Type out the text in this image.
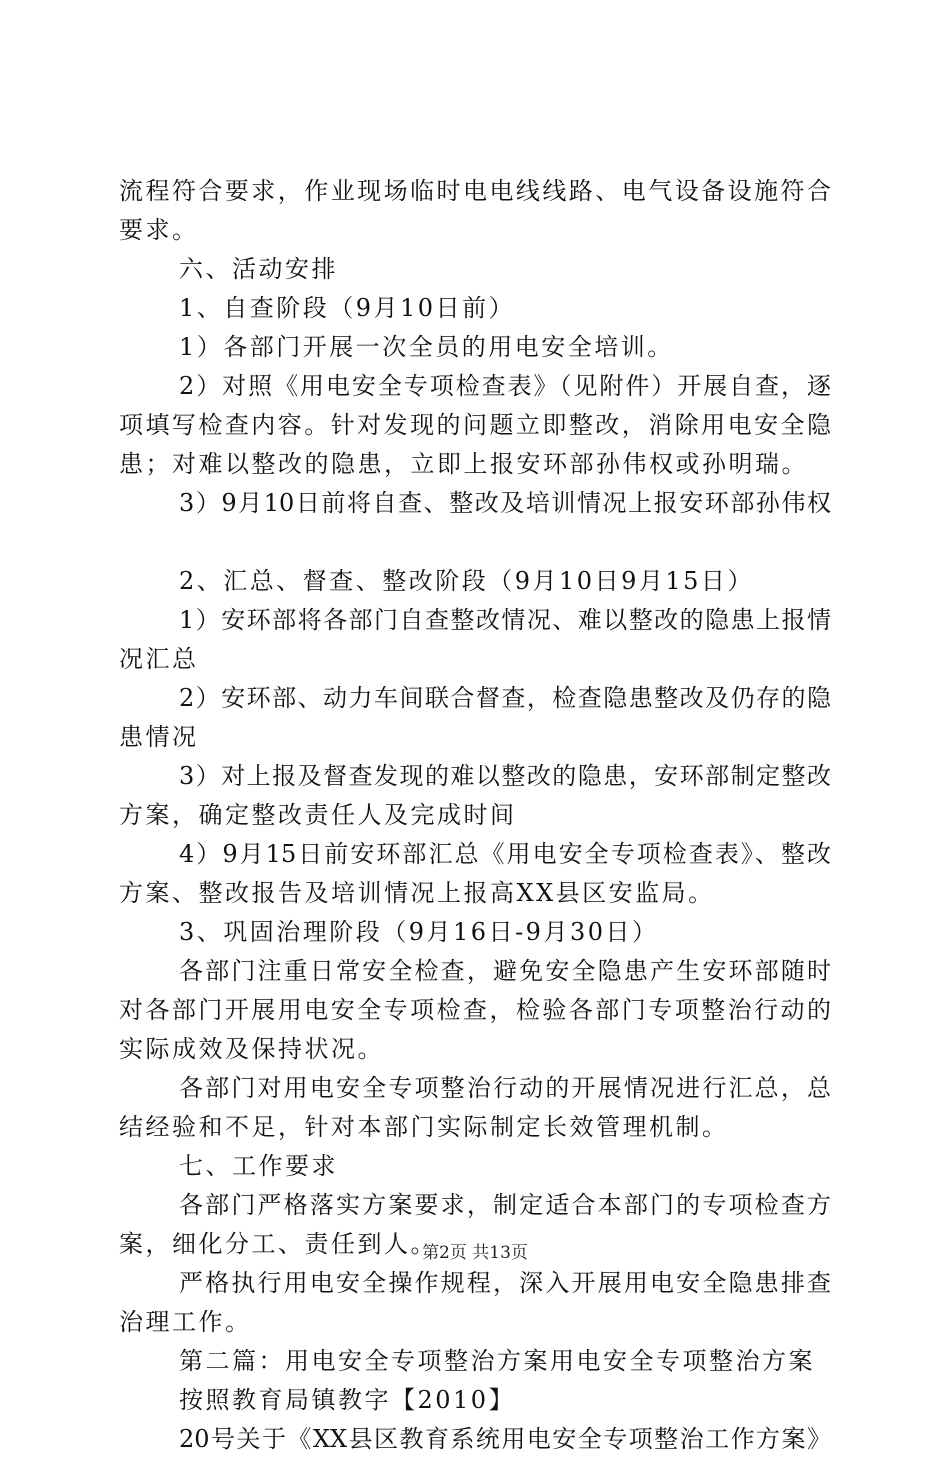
流程符合要求，作业现场临时电电线线路、电气设备设施符合
要求。
六、活动安排
1、自查阶段（9月10日前）
1）各部门开展一次全员的用电安全培训。
2）对照《用电安全专项检查表》（见附件）开展自查，逐
项填写检查内容。针对发现的问题立即整改，消除用电安全隐
患；对难以整改的隐患，立即上报安环部孙伟权或孙明瑞。
3）9月10日前将自查、整改及培训情况上报安环部孙伟权
2、汇总、督查、整改阶段（9月10日9月15日）
1）安环部将各部门自查整改情况、难以整改的隐患上报情
况汇总
2）安环部、动力车间联合督查，检查隐患整改及仍存的隐
患情况
3）对上报及督查发现的难以整改的隐患，安环部制定整改
方案，确定整改责任人及完成时间
4）9月15日前安环部汇总《用电安全专项检查表》、整改
方案、整改报告及培训情况上报高XX县区安监局。
3、巩固治理阶段（9月16日-9月30日）
各部门注重日常安全检查，避免安全隐患产生安环部随时
对各部门开展用电安全专项检查，检验各部门专项整治行动的
实际成效及保持状况。
各部门对用电安全专项整治行动的开展情况进行汇总，总
结经验和不足，针对本部门实际制定长效管理机制。
七、工作要求
各部门严格落实方案要求，制定适合本部门的专项检查方
案，细化分工、责任到人。
严格执行用电安全操作规程，深入开展用电安全隐患排查
治理工作。
第二篇：用电安全专项整治方案用电安全专项整治方案
按照教育局镇教字【2010】
20号关于《XX县区教育系统用电安全专项整治工作方案》
第2页 共13页
